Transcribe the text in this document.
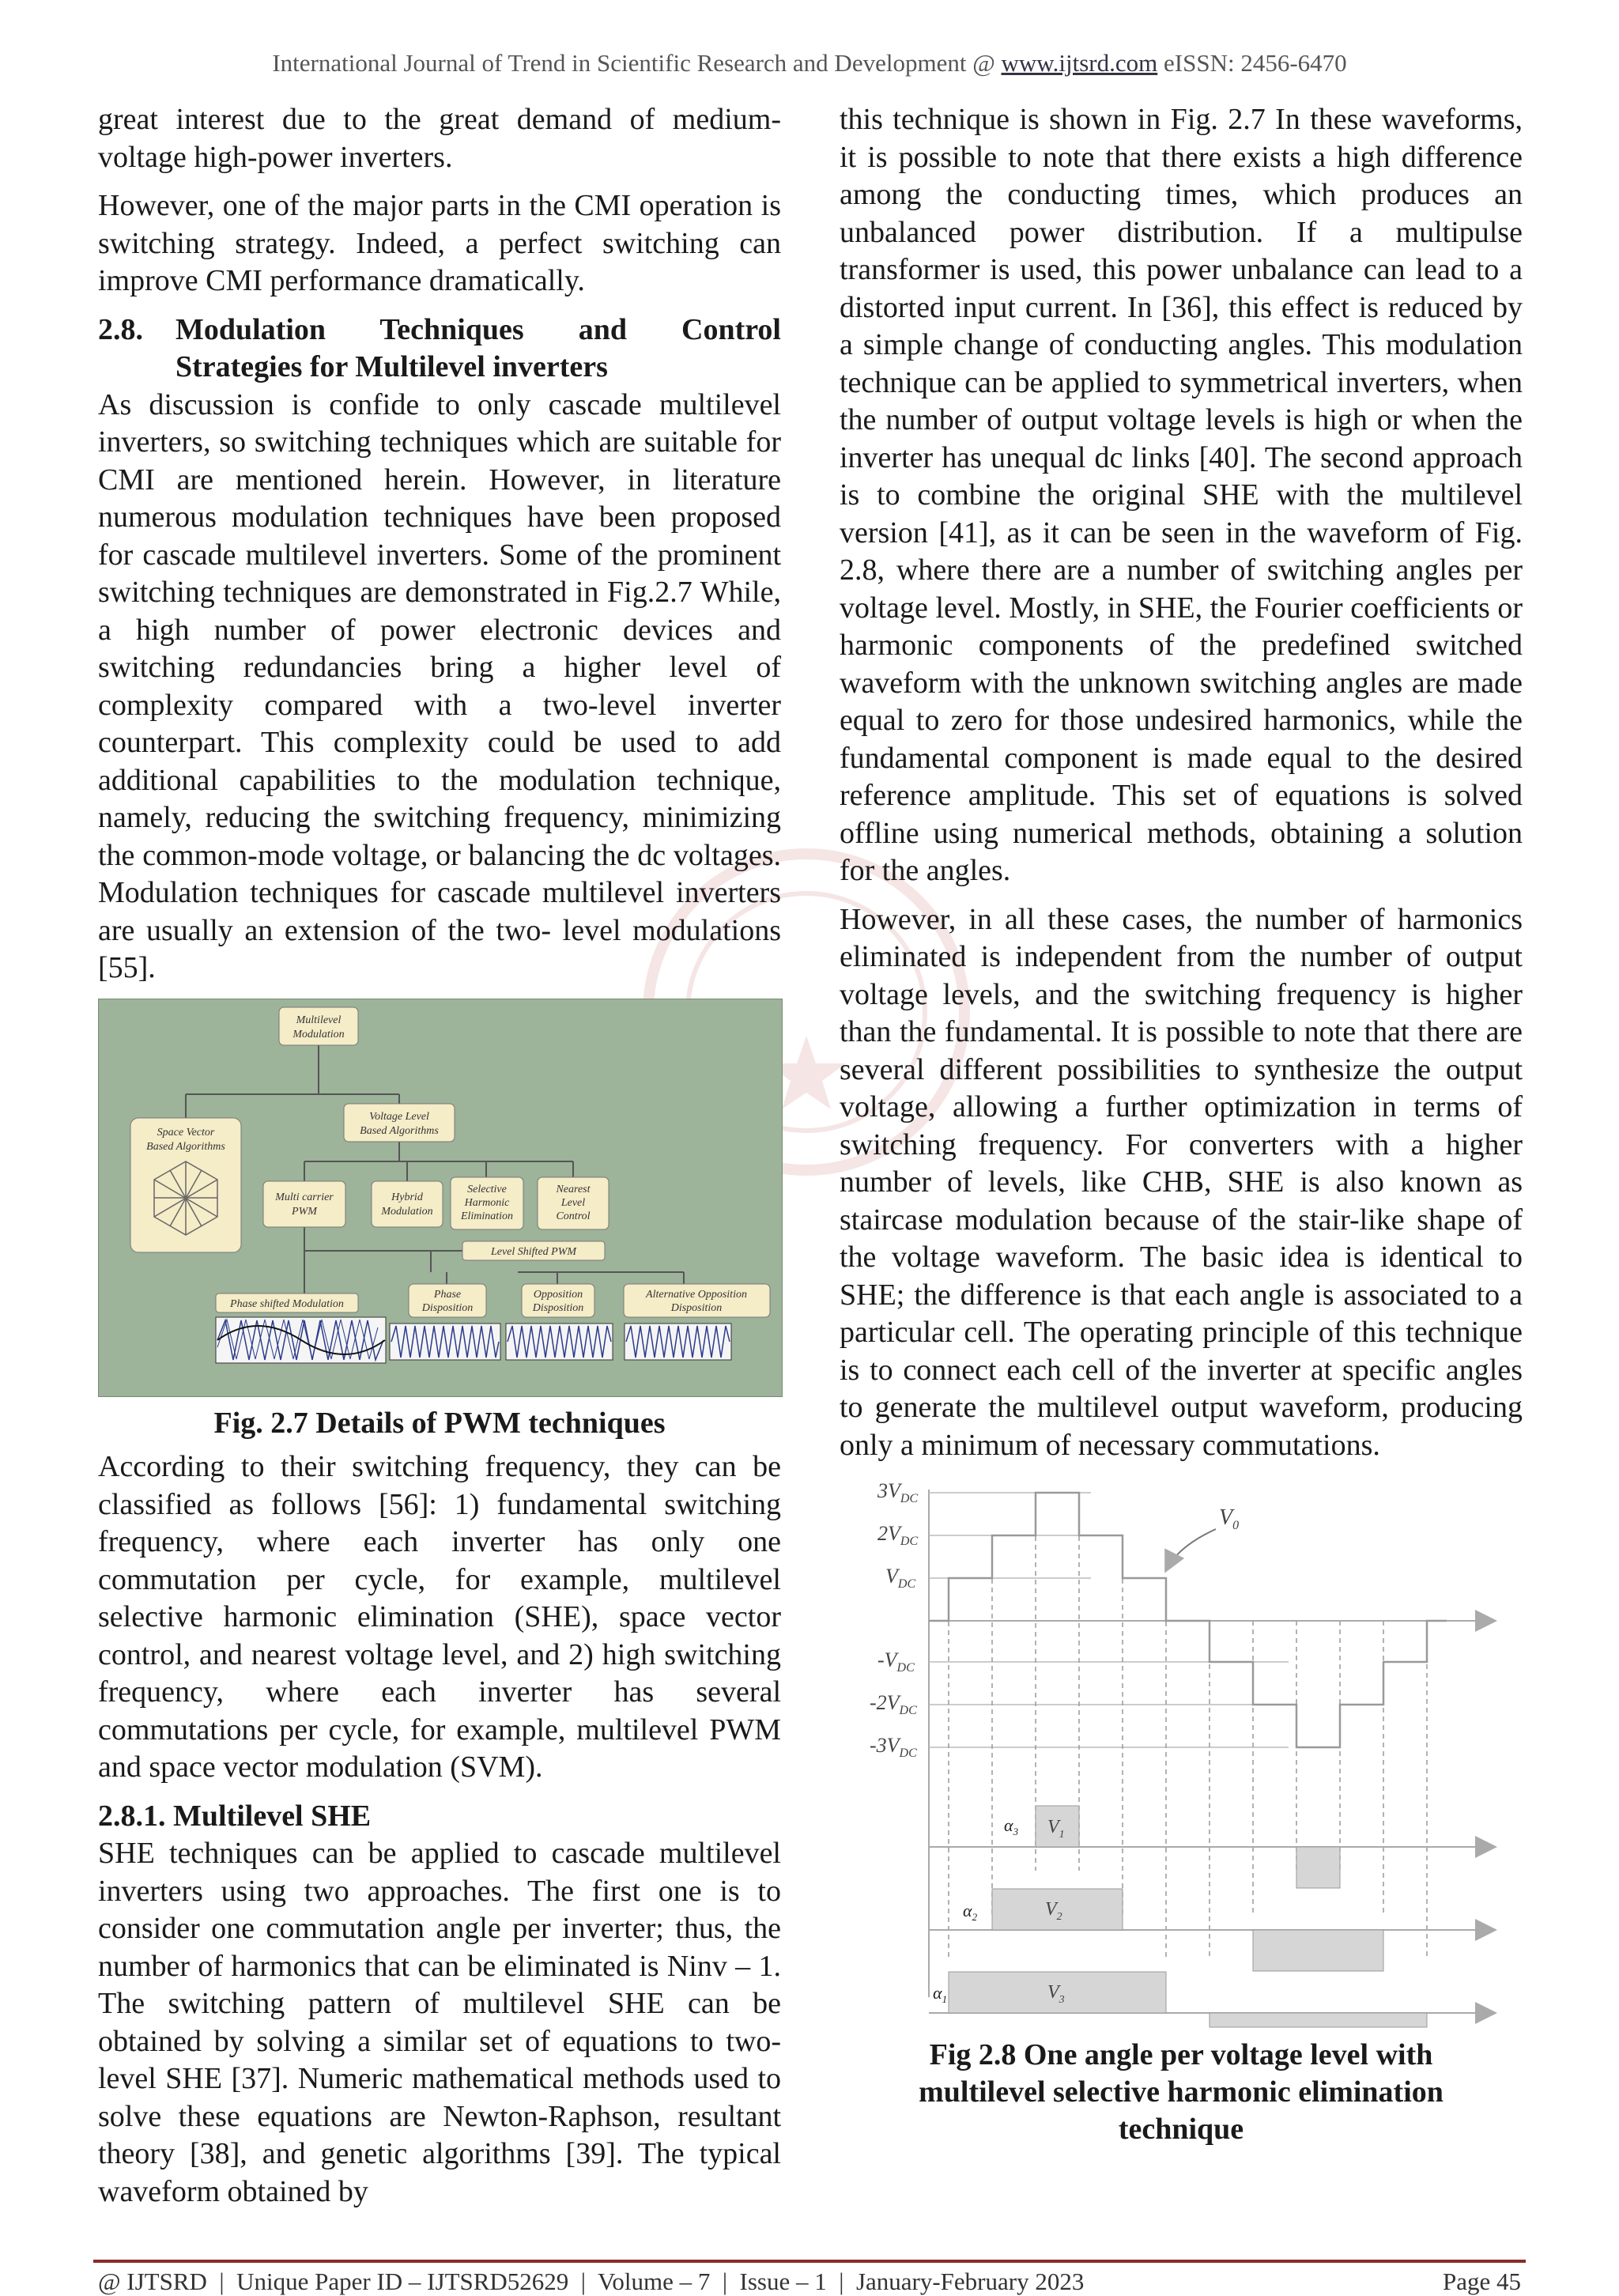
International Journal of Trend in Scientific Research and Development @ www.ijtsrd.com eISSN: 2456-6470

great interest due to the great demand of medium-voltage high-power inverters.

However, one of the major parts in the CMI operation is switching strategy. Indeed, a perfect switching can improve CMI performance dramatically.

2.8.	Modulation Techniques and Control
Strategies for Multilevel inverters

As discussion is confide to only cascade multilevel inverters, so switching techniques which are suitable for CMI are mentioned herein. However, in literature numerous modulation techniques have been proposed for cascade multilevel inverters. Some of the prominent switching techniques are demonstrated in Fig.2.7 While, a high number of power electronic devices and switching redundancies bring a higher level of complexity compared with a two-level inverter counterpart. This complexity could be used to add additional capabilities to the modulation technique, namely, reducing the switching frequency, minimizing the common-mode voltage, or balancing the dc voltages. Modulation techniques for cascade multilevel inverters are usually an extension of the two- level modulations [55].

Multilevel
Modulation
Space Vector
Based Algorithms
Voltage Level
Based Algorithms
Multi carrier
PWM
Hybrid
Modulation
Selective
Harmonic
Elimination
Nearest
Level
Control
Level Shifted PWM
Phase shifted Modulation
Phase
Disposition
Opposition
Disposition
Alternative Opposition
Disposition
Fig. 2.7 Details of PWM techniques

According to their switching frequency, they can be classified as follows [56]: 1) fundamental switching frequency, where each inverter has only one commutation per cycle, for example, multilevel selective harmonic elimination (SHE), space vector control, and nearest voltage level, and 2) high switching frequency, where each inverter has several commutations per cycle, for example, multilevel PWM and space vector modulation (SVM).

2.8.1. Multilevel SHE

SHE techniques can be applied to cascade multilevel inverters using two approaches. The first one is to consider one commutation angle per inverter; thus, the number of harmonics that can be eliminated is Ninv – 1. The switching pattern of multilevel SHE can be obtained by solving a similar set of equations to two-level SHE [37]. Numeric mathematical methods used to solve these equations are Newton-Raphson, resultant theory [38], and genetic algorithms [39]. The typical waveform obtained by

this technique is shown in Fig. 2.7 In these waveforms, it is possible to note that there exists a high difference among the conducting times, which produces an unbalanced power distribution. If a multipulse transformer is used, this power unbalance can lead to a distorted input current. In [36], this effect is reduced by a simple change of conducting angles. This modulation technique can be applied to symmetrical inverters, when the number of output voltage levels is high or when the inverter has unequal dc links [40]. The second approach is to combine the original SHE with the multilevel version [41], as it can be seen in the waveform of Fig. 2.8, where there are a number of switching angles per voltage level. Mostly, in SHE, the Fourier coefficients or harmonic components of the predefined switched waveform with the unknown switching angles are made equal to zero for those undesired harmonics, while the fundamental component is made equal to the desired reference amplitude. This set of equations is solved offline using numerical methods, obtaining a solution for the angles.

However, in all these cases, the number of harmonics eliminated is independent from the number of output voltage levels, and the switching frequency is higher than the fundamental. It is possible to note that there are several different possibilities to synthesize the output voltage, allowing a further optimization in terms of switching frequency. For converters with a higher number of levels, like CHB, SHE is also known as staircase modulation because of the stair-like shape of the voltage waveform. The basic idea is identical to SHE; the difference is that each angle is associated to a particular cell. The operating principle of this technique is to connect each cell of the inverter at specific angles to generate the multilevel output waveform, producing only a minimum of necessary commutations.

$3V_{DC}$
$2V_{DC}$
$V_{DC}$
$-V_{DC}$
$-2V_{DC}$
$-3V_{DC}$
$V_0$
$V_1$
$\alpha_3$
$V_2$
$\alpha_2$
$V_3$
$\alpha_1$
Fig 2.8 One angle per voltage level with multilevel selective harmonic elimination technique
@ IJTSRD  |  Unique Paper ID – IJTSRD52629  |  Volume – 7  |  Issue – 1  |  January-February 2023	Page 45
